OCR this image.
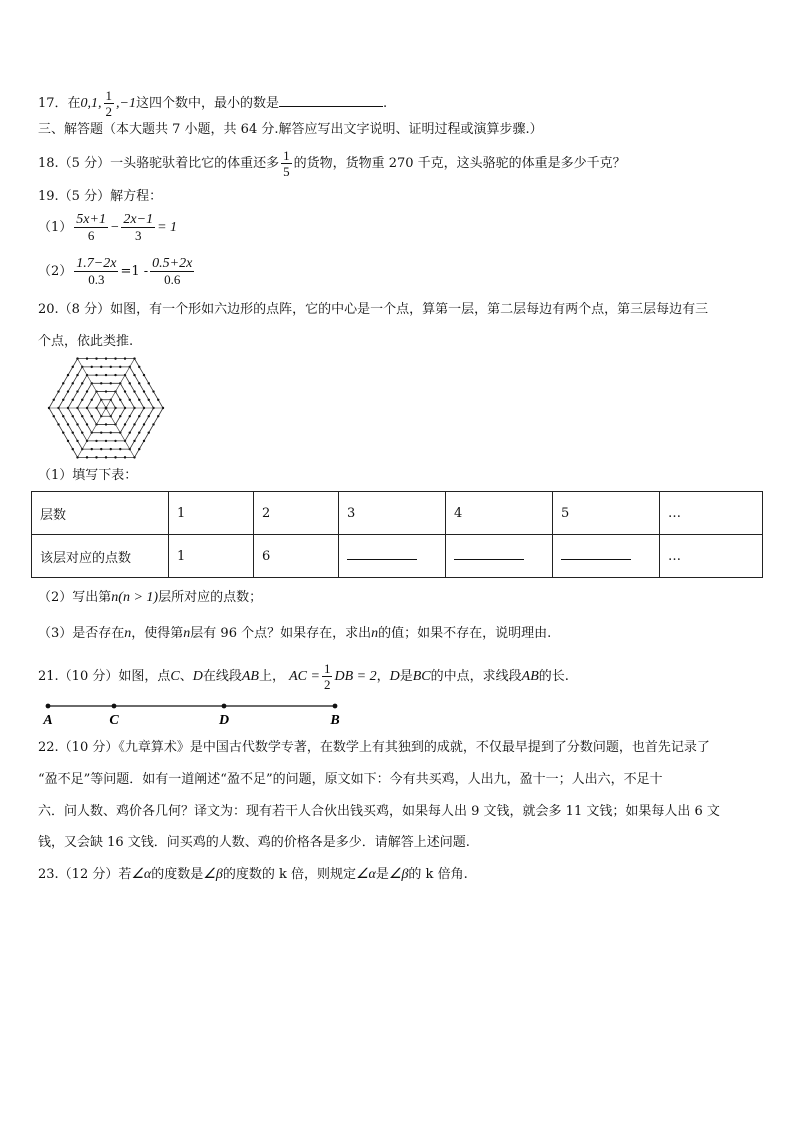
17．在0,1, $\frac{1}{2} ,-1$这四个数中，最小的数是	.
三、解答题（本大题共 7 小题，共 64 分.解答应写出文字说明、证明过程或演算步骤.）
18.（5 分）一头骆驼驮着比它的体重还多 $\frac{1}{5}$ 的货物，货物重 270 千克，这头骆驼的体重是多少千克？
19.（5 分）解方程：
$(1) \frac{5x+1}{6} - \frac{2x-1}{3} = 1$
$(2) \frac{1.7-2x}{0.3} =1 - \frac{0.5+2x}{0.6}$
20.（8 分）如图，有一个形如六边形的点阵，它的中心是一个点，算第一层，第二层每边有两个点，第三层每边有三
个点，依此类推.
（1）填写下表：
层数	1	2	3	4	5	…
该层对应的点数	1	6				…
（2）写出第n(n > 1)层所对应的点数；
（3）是否存在n，使得第n层有 96 个点？如果存在，求出n的值；如果不存在，说明理由.
21.（10 分）如图，点C、D在线段AB上， AC = $\frac{1}{2}$ DB = 2，D是BC的中点，求线段AB的长.
A	C	D	B
22.（10 分）《九章算术》是中国古代数学专著，在数学上有其独到的成就，不仅最早提到了分数问题，也首先记录了
“盈不足”等问题．如有一道阐述“盈不足”的问题，原文如下：今有共买鸡，人出九，盈十一；人出六，不足十
六．问人数、鸡价各几何？译文为：现有若干人合伙出钱买鸡，如果每人出 9 文钱，就会多 11 文钱；如果每人出 6 文
钱，又会缺 16 文钱．问买鸡的人数、鸡的价格各是多少．请解答上述问题.
23.（12 分）若∠α的度数是∠β的度数的 k 倍，则规定∠α是∠β的 k 倍角.
